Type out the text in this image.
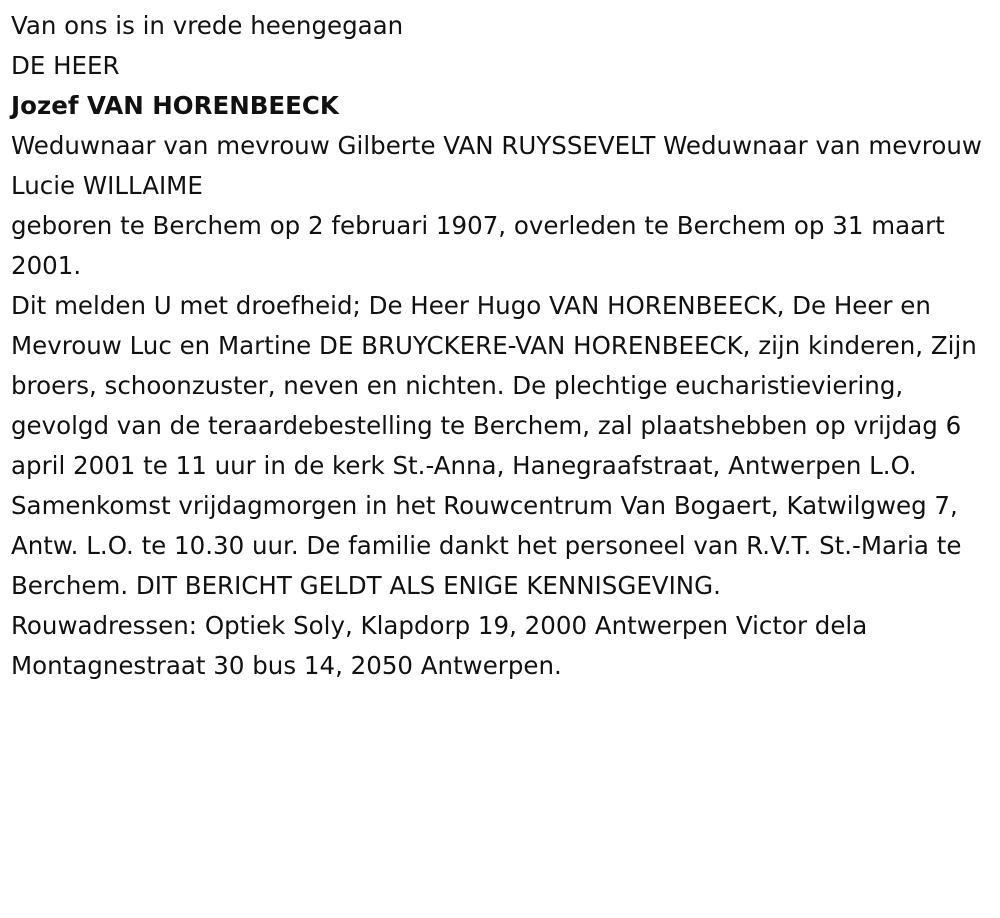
Van ons is in vrede heengegaan

DE HEER

Jozef VAN HORENBEECK

Weduwnaar van mevrouw Gilberte VAN RUYSSEVELT Weduwnaar van mevrouw Lucie WILLAIME

geboren te Berchem op 2 februari 1907, overleden te Berchem op 31 maart 2001.

Dit melden U met droefheid; De Heer Hugo VAN HORENBEECK, De Heer en Mevrouw Luc en Martine DE BRUYCKERE-VAN HORENBEECK, zijn kinderen, Zijn broers, schoonzuster, neven en nichten. De plechtige eucharistieviering, gevolgd van de teraardebestelling te Berchem, zal plaatshebben op vrijdag 6 april 2001 te 11 uur in de kerk St.-Anna, Hanegraafstraat, Antwerpen L.O. Samenkomst vrijdagmorgen in het Rouwcentrum Van Bogaert, Katwilgweg 7, Antw. L.O. te 10.30 uur. De familie dankt het personeel van R.V.T. St.-Maria te Berchem. DIT BERICHT GELDT ALS ENIGE KENNISGEVING.

Rouwadressen: Optiek Soly, Klapdorp 19, 2000 Antwerpen Victor dela Montagnestraat 30 bus 14, 2050 Antwerpen.
